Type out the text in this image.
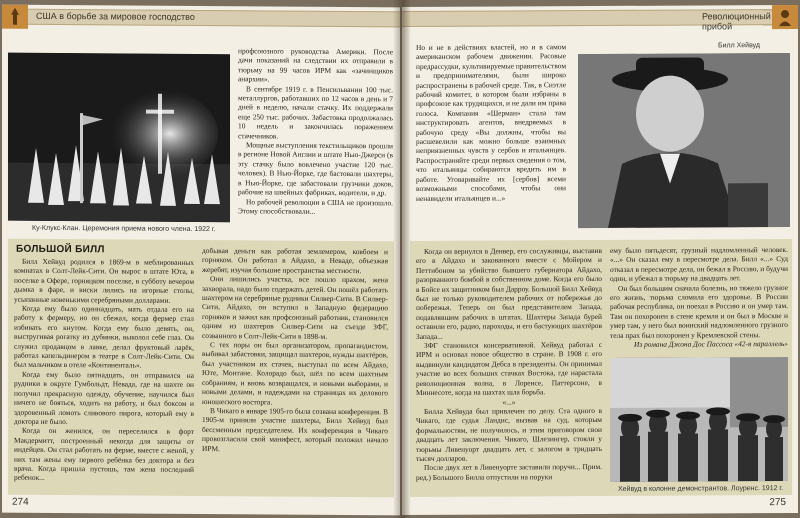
США в борьбе за мировое господство
Ку-Клукс-Клан. Церемония приема нового члена. 1922 г.

профсоюзного руководства Америки. После дачи показаний на следствии их отправили в тюрьму на 99 часов ИРМ как «зачинщиков анархии».

В сентябре 1919 г. в Пенсильвании 100 тыс. металлургов, работавших по 12 часов в день и 7 дней в неделю, начали стачку. Их поддержали еще 250 тыс. рабочих. Забастовка продолжалась 10 недель и закончилась поражением стачечников.

Мощные выступления текстильщиков прошли в регионе Новой Англии и штате Нью-Джерси (в эту стачку было вовлечено участие 120 тыс. человек). В Нью-Йорке, где бастовали шахтеры, в Нью-Йорке, где забастовали грузчики доков, рабочие на швейных фабриках, водители, и др.

Но рабочей революции в США не произошло. Этому способствовали...

БОЛЬШОЙ БИЛЛ

Билл Хейвуд родился в 1869-м в меблированных комнатах в Солт-Лейк-Сити. Он вырос в штате Юта, в поселке в Офере, горняцком поселке, в субботу вечером дымка в фаре, и виски лились на игорные столы, усыпанные новенькими серебряными долларами.

Когда ему было одиннадцать, мать отдала его на работу к фермеру, но он сбежал, когда фермер стал избивать его кнутом. Когда ему было девять, он, выстругивая рогатку из дубинки, выколол себе глаз. Он служил продавцом в лавке, делал фруктовый ларёк, работал капельдинером в театре в Солт-Лейк-Сити. Он был мальчиком в отеле «Континенталь».

Когда ему было пятнадцать, он отправился на рудники в округе Гумбольдт, Невада, где на шахте он получил прекрасную одежду, обучение, научился был ничего не бояться, ходить на работу, и был боксом и здоровенный ломоть сливового пирога, который ему в доктора не было.

Когда он женился, он переселился в форт Макдермитт, построенный некогда для защиты от индейцев. Он стал работать на ферме, вместе с женой, у них там жены ему первого ребёнка без доктора и без врача. Когда пришла пустошь, там жена последний ребенок...

добывая деньги как работая землемером, ковбоем и горняком. Он работал в Айдахо, в Неваде, объезжая жеребят, изучая большие пространства местности.

Они лишились участка, все пошло прахом, жена захворала, надо было содержать детей. Он пошёл работать шахтером на серебряные рудники Силвер-Сити. В Силвер-Сити, Айдахо, он вступил в Западную федерацию горняков и зажил как профсоюзный работник, становился одним из шахтеров Силвер-Сити на съезде ЗФГ, созванного в Солт-Лейк-Сити в 1898-м.

С тех поры он был организатором, пропагандистом, выбивал забастовки, защищал шахтеров, нужды шахтёров, был участником их стачек, выступал по всем Айдахо, Юте, Монтане. Колорадо был, шёл по всем шахтным собраниям, и вновь возвращался, и новыми выборами, и новыми делами, и надеждами на страницах их делового юношеского восторга.

В Чикаго в январе 1905-го была созвана конференция. В 1905-м приняли участие шахтеры, Билл Хейвуд был бессменным председателем. Их конференция в Чикаго провозгласила свой манифест, который положил начало ИРМ.

274
Революционный прибой

Но и не в действиях властей, но и в самом американском рабочем движении. Расовые предрассудки, культивируемые правительством и предпринимателями, были широко распространены в рабочей среде. Так, в Сиэтле рабочий комитет, в котором были избраны в профсоюзе как трудящихся, и не дали им права голоса. Компания «Шерман» стала там инструктировать агентов, внедряемых в рабочую среду «Вы должны, чтобы вы расшевелили как можно больше взаимных неприязненных чувств у сербов и итальянцев. Распространяйте среди первых сведения о том, что итальянцы собираются вредить им в работе. Уговаривайте их [сербов] всеми возможными способами, чтобы они ненавидели итальянцев и...»

Билл Хейвуд

Когда он вернулся в Денвер, его сослуживцы, выставив его в Айдахо и закованного вместе с Мойером и Петтибоном за убийство бывшего губернатора Айдахо, разорванного бомбой в собственном доме. Когда его было в Бойсе их защитником был Дарроу. Большой Билл Хейвуд был не только руководителем рабочих от побережья до побережья. Теперь он был представителем Запада, подавлявшим рабочих в штатах. Шахтеры Запада бурей оставили его, радио, пароходы, и его бастующих шахтёров Запада...

ЗФГ становился консервативной. Хейвуд работал с ИРМ и основал новое общество в стране. В 1908 г. его выдвинули кандидатом Дебса в президенты. Он принимал участие во всех больших стачках Востока, где нарастала революционная волна, в Лоренсе, Паттерсоне, в Миннесоте, когда на шахтах шла борьба.

«...»

Билла Хейвуда был привлечен по делу. Ста одного в Чикаго, где судья Ландис, вызвав на суд, которым формальностям, не получилось, и этим приговором свои двадцать лет заключения. Чикаго, Шлезингер, стояли у тюрьмы Ливенуорт двадцать лет, с залогом в тридцать тысяч долларов.

После двух лет в Ливенуорте заставили поручи... Прим. ред.) Большого Билла отпустили на поруки

ему было пятьдесят, грузный надломленный человек. «...» Он сказал ему в пересмотре дела. Билл «...» Суд отказал в пересмотре дела, он бежал в Россию, и будучи один, и убежал в тюрьму на двадцать лет.

Он был большим сначала болезнь, но тяжело грузное его жизнь, тюрьма сломила его здоровье. В России рабочая республика, он поехал в Россию и он умер там. Там он похоронен в стене кремля и он был в Москве и умер там, у него был воинский надломленного грузного тела прах был похоронен у Кремлевской стены.

Из романа Джона Дос Пассоса «42-я параллель»

Хейвуд в колонне демонстрантов. Лоуренс. 1912 г.
275
